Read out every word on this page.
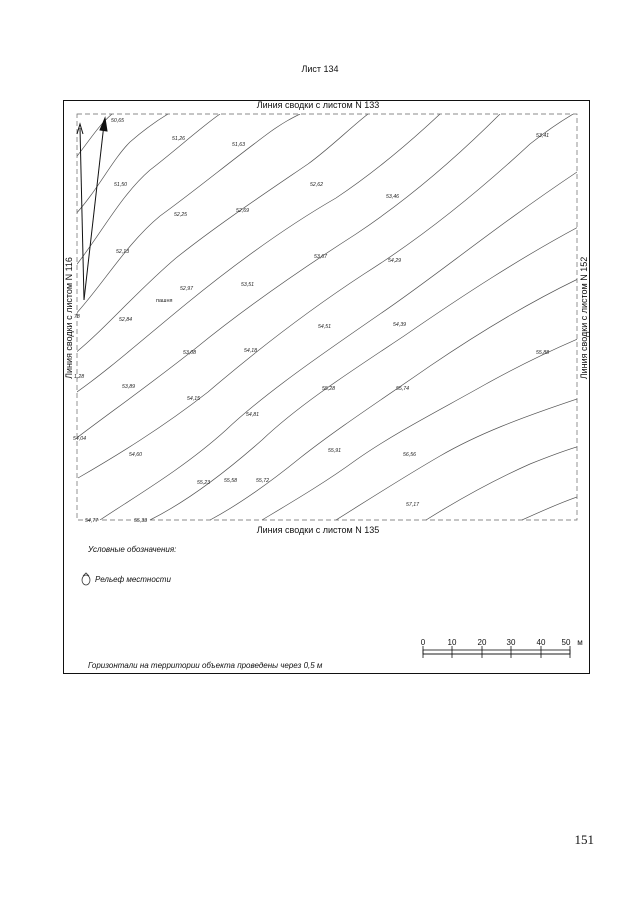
Лист 134
50,65
51,26
51,63
51,50
52,25
52,69
52,62
53,46
53,41
52,13
53,67
54,29
52,97
53,51
52,84
54,51	54,39
53,08	54,18	55,88
53,89	55,28	55,74
54,15
54,81
54,04
54,60
55,91
56,56
55,23	55,58	55,72
57,17
54,77	55,33
78
1,28
пашня
Линия сводки с листом N 133
Линия сводки с листом N 135
Линия сводки с листом N 116	Линия сводки с листом N 152
Условные обозначения:
Рельеф местности
0	10	20	30	40 50 м
Горизонтали на территории объекта проведены через 0,5 м
151
